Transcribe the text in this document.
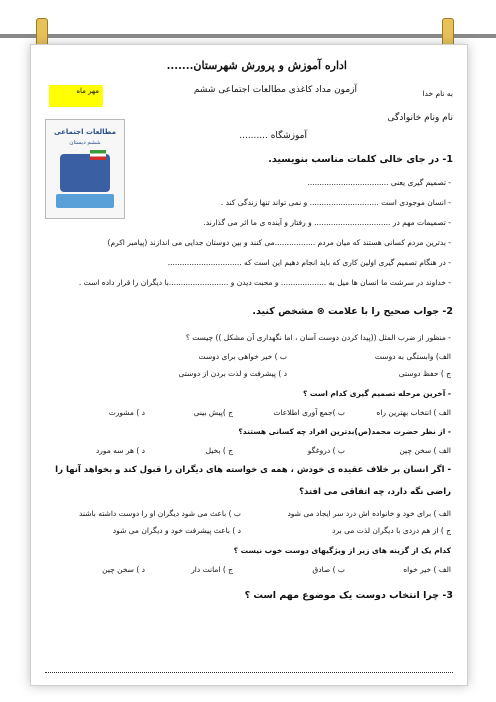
به نام خدا
اداره آموزش و پرورش شهرستان.......
آزمون مداد کاغذی مطالعات اجتماعی ششم
نام ونام خانوادگی
آموزشگاه ..........
مهر ماه
مطالعات اجتماعی
ششم دبستان
1- در جای خالی کلمات مناسب بنویسید.
- تصمیم گیری یعنی ..................................
- انسان موجودی است ............................. و نمی تواند تنها زندگی کند .
- تصمیمات مهم در ................................ و رفتار و آینده ی ما اثر می گذارند.
- بدترین مردم کسانی هستند که میان مردم .................می کنند و بین دوستان جدایی می اندازند (پیامبر اکرم)
- در هنگام تصمیم گیری اولین کاری که باید انجام دهیم این است که ...............................
- خداوند در سرشت ما انسان ها میل به ................... و محبت دیدن و .........................با دیگران را قرار داده است .
2- جواب صحیح را با علامت ⊗ مشخص کنید.
- منظور از ضرب المثل ((پیدا کردن دوست آسان ، اما نگهداری آن مشکل )) چیست ؟
الف) وابستگی به دوست
ب ) خیر خواهی برای دوست
ج ) حفظ دوستی
د ) پیشرفت و لذت بردن از دوستی
- آخرین مرحله تصمیم گیری کدام است ؟
الف ) انتخاب بهترین راه
ب )جمع آوری اطلاعات
ج )پیش بینی
د ) مشورت
- از نظر حضرت محمد(ص)بدترین افراد چه کسانی هستند؟
الف ) سخن چین
ب ) دروغگو
ج ) بخیل
د ) هر سه مورد
- اگر انسان بر خلاف عقیده ی خودش ، همه ی خواسته های دیگران را قبول کند و بخواهد آنها را
راضی نگه دارد، چه اتفاقی می افتد؟
الف ) برای خود و خانواده اش درد سر ایجاد می شود
ب ) باعث می شود دیگران او را دوست داشته باشند
ج ) از هم دردی با دیگران لذت می برد
د ) باعث پیشرفت خود و دیگران می شود
کدام یک از گزینه های زیر از ویژگیهای دوست خوب نیست ؟
الف ) خیر خواه
ب ) صادق
ج ) امانت دار
د ) سخن چین
3- چرا انتخاب دوست یک موضوع مهم است ؟
